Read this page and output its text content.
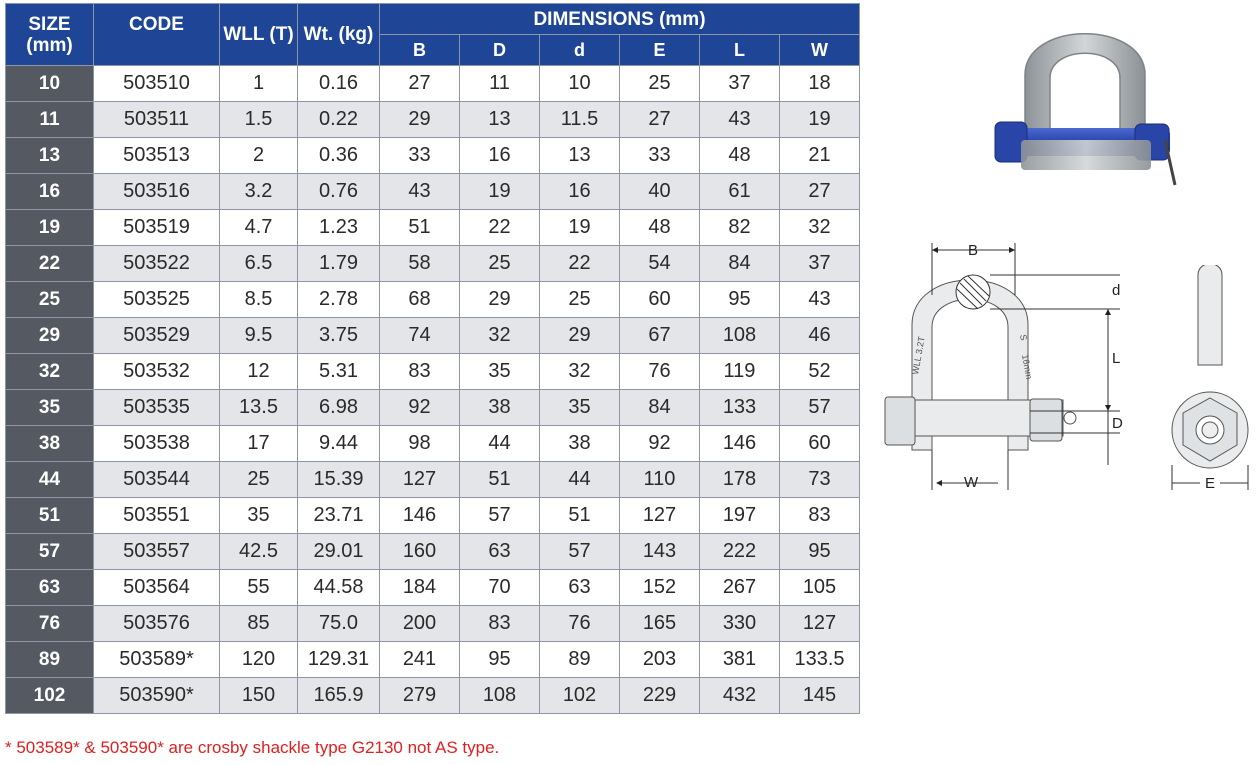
SIZE (mm)	CODE	WLL (T)	Wt. (kg)	DIMENSIONS (mm)					
				B	D	d	E	L	W
10	503510	1	0.16	27	11	10	25	37	18
11	503511	1.5	0.22	29	13	11.5	27	43	19
13	503513	2	0.36	33	16	13	33	48	21
16	503516	3.2	0.76	43	19	16	40	61	27
19	503519	4.7	1.23	51	22	19	48	82	32
22	503522	6.5	1.79	58	25	22	54	84	37
25	503525	8.5	2.78	68	29	25	60	95	43
29	503529	9.5	3.75	74	32	29	67	108	46
32	503532	12	5.31	83	35	32	76	119	52
35	503535	13.5	6.98	92	38	35	84	133	57
38	503538	17	9.44	98	44	38	92	146	60
44	503544	25	15.39	127	51	44	110	178	73
51	503551	35	23.71	146	57	51	127	197	83
57	503557	42.5	29.01	160	63	57	143	222	95
63	503564	55	44.58	184	70	63	152	267	105
76	503576	85	75.0	200	83	76	165	330	127
89	503589*	120	129.31	241	95	89	203	381	133.5
102	503590*	150	165.9	279	108	102	229	432	145
* 503589* & 503590* are crosby shackle type G2130 not AS type.
B
d
L
D
W
WLL 3.2T	S
16mm
E
